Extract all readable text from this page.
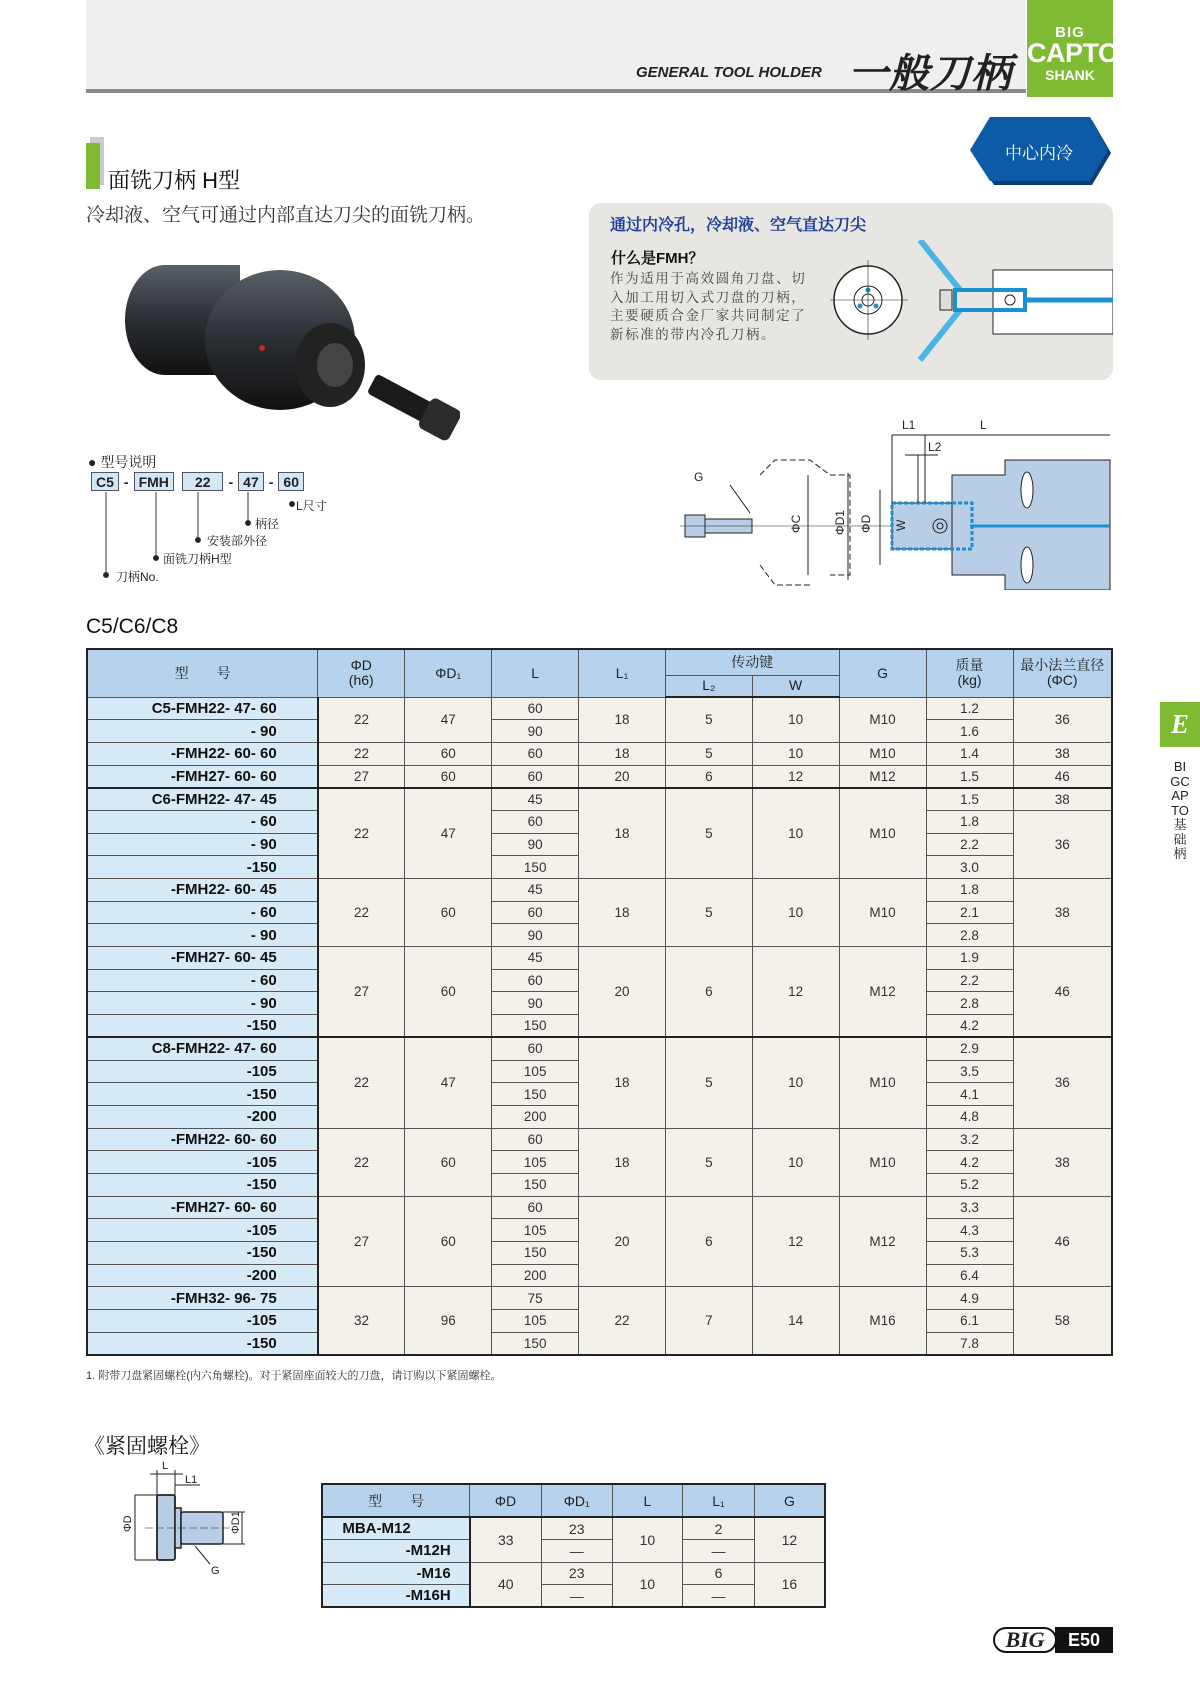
GENERAL TOOL HOLDER 一般刀柄
BIG
CAPTO
SHANK
中心内冷
面铣刀柄 H型
冷却液、空气可通过内部直达刀尖的面铣刀柄。	通过内冷孔，冷却液、空气直达刀尖
什么是FMH？
作为适用于高效圆角刀盘、切入加工用切入式刀盘的刀柄，主要硬质合金厂家共同制定了新标准的带内冷孔刀柄。
● 型号说明
C5 - FMH	22	- 47 - 60
L尺寸
柄径
安装部外径
面铣刀柄H型
刀柄No.
G
L1	L
L2
ΦC	ΦD1 ΦD W
C5/C6/C8
型　　号	ΦD
(h6)	ΦD₁	L	L₁	传动键		G	质量
(kg)	最小法兰直径
(ΦC)
					L₂	W			
C5-FMH22- 47- 60	22	47	60	18	5	10	M10	1.2	36
- 90			90					1.6	
-FMH22- 60- 60	22	60	60	18	5	10	M10	1.4	38
-FMH27- 60- 60	27	60	60	20	6	12	M12	1.5	46
C6-FMH22- 47- 45	22	47	45	18	5	10	M10	1.5	38
- 60			60					1.8	36
- 90			90					2.2	
-150			150					3.0	
-FMH22- 60- 45	22	60	45	18	5	10	M10	1.8	38
- 60			60					2.1	
- 90			90					2.8	
-FMH27- 60- 45	27	60	45	20	6	12	M12	1.9	46
- 60			60					2.2	
- 90			90					2.8	
-150			150					4.2	
C8-FMH22- 47- 60	22	47	60	18	5	10	M10	2.9	36
-105			105					3.5	
-150			150					4.1	
-200			200					4.8	
-FMH22- 60- 60	22	60	60	18	5	10	M10	3.2	38
-105			105					4.2	
-150			150					5.2	
-FMH27- 60- 60	27	60	60	20	6	12	M12	3.3	46
-105			105					4.3	
-150			150					5.3	
-200			200					6.4	
-FMH32- 96- 75	32	96	75	22	7	14	M16	4.9	58
-105			105					6.1	
-150			150					7.8	
1. 附带刀盘紧固螺栓(内六角螺栓)。对于紧固座面较大的刀盘，请订购以下紧固螺栓。
《紧固螺栓》
L
L1
ΦD	ΦD1
G
型　　号	ΦD	ΦD₁	L	L₁	G
MBA-M12	33	23	10	2	12
-M12H		—		—	
-M16	40	23	10	6	16
-M16H		—		—	
E
BIGCAPTO基础柄
BIG	E50
